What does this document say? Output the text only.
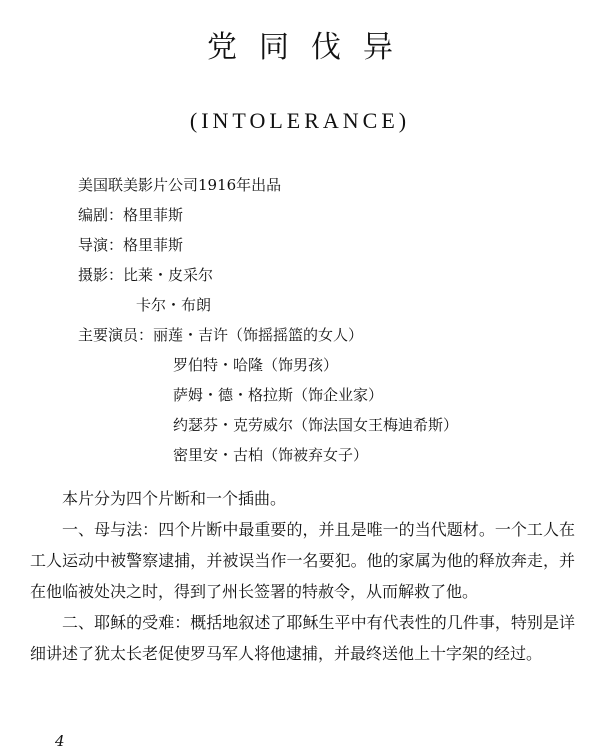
党同伐异
(INTOLERANCE)
美国联美影片公司1916年出品
编剧：格里菲斯
导演：格里菲斯
摄影：比莱・皮采尔
卡尔・布朗
主要演员：丽莲・吉许（饰摇摇篮的女人）
罗伯特・哈隆（饰男孩）
萨姆・德・格拉斯（饰企业家）
约瑟芬・克劳威尔（饰法国女王梅迪希斯）
密里安・古柏（饰被弃女子）

本片分为四个片断和一个插曲。

一、母与法：四个片断中最重要的，并且是唯一的当代题材。一个工人在工人运动中被警察逮捕，并被误当作一名要犯。他的家属为他的释放奔走，并在他临被处决之时，得到了州长签署的特赦令，从而解救了他。

二、耶稣的受难：概括地叙述了耶稣生平中有代表性的几件事，特别是详细讲述了犹太长老促使罗马军人将他逮捕，并最终送他上十字架的经过。

4
